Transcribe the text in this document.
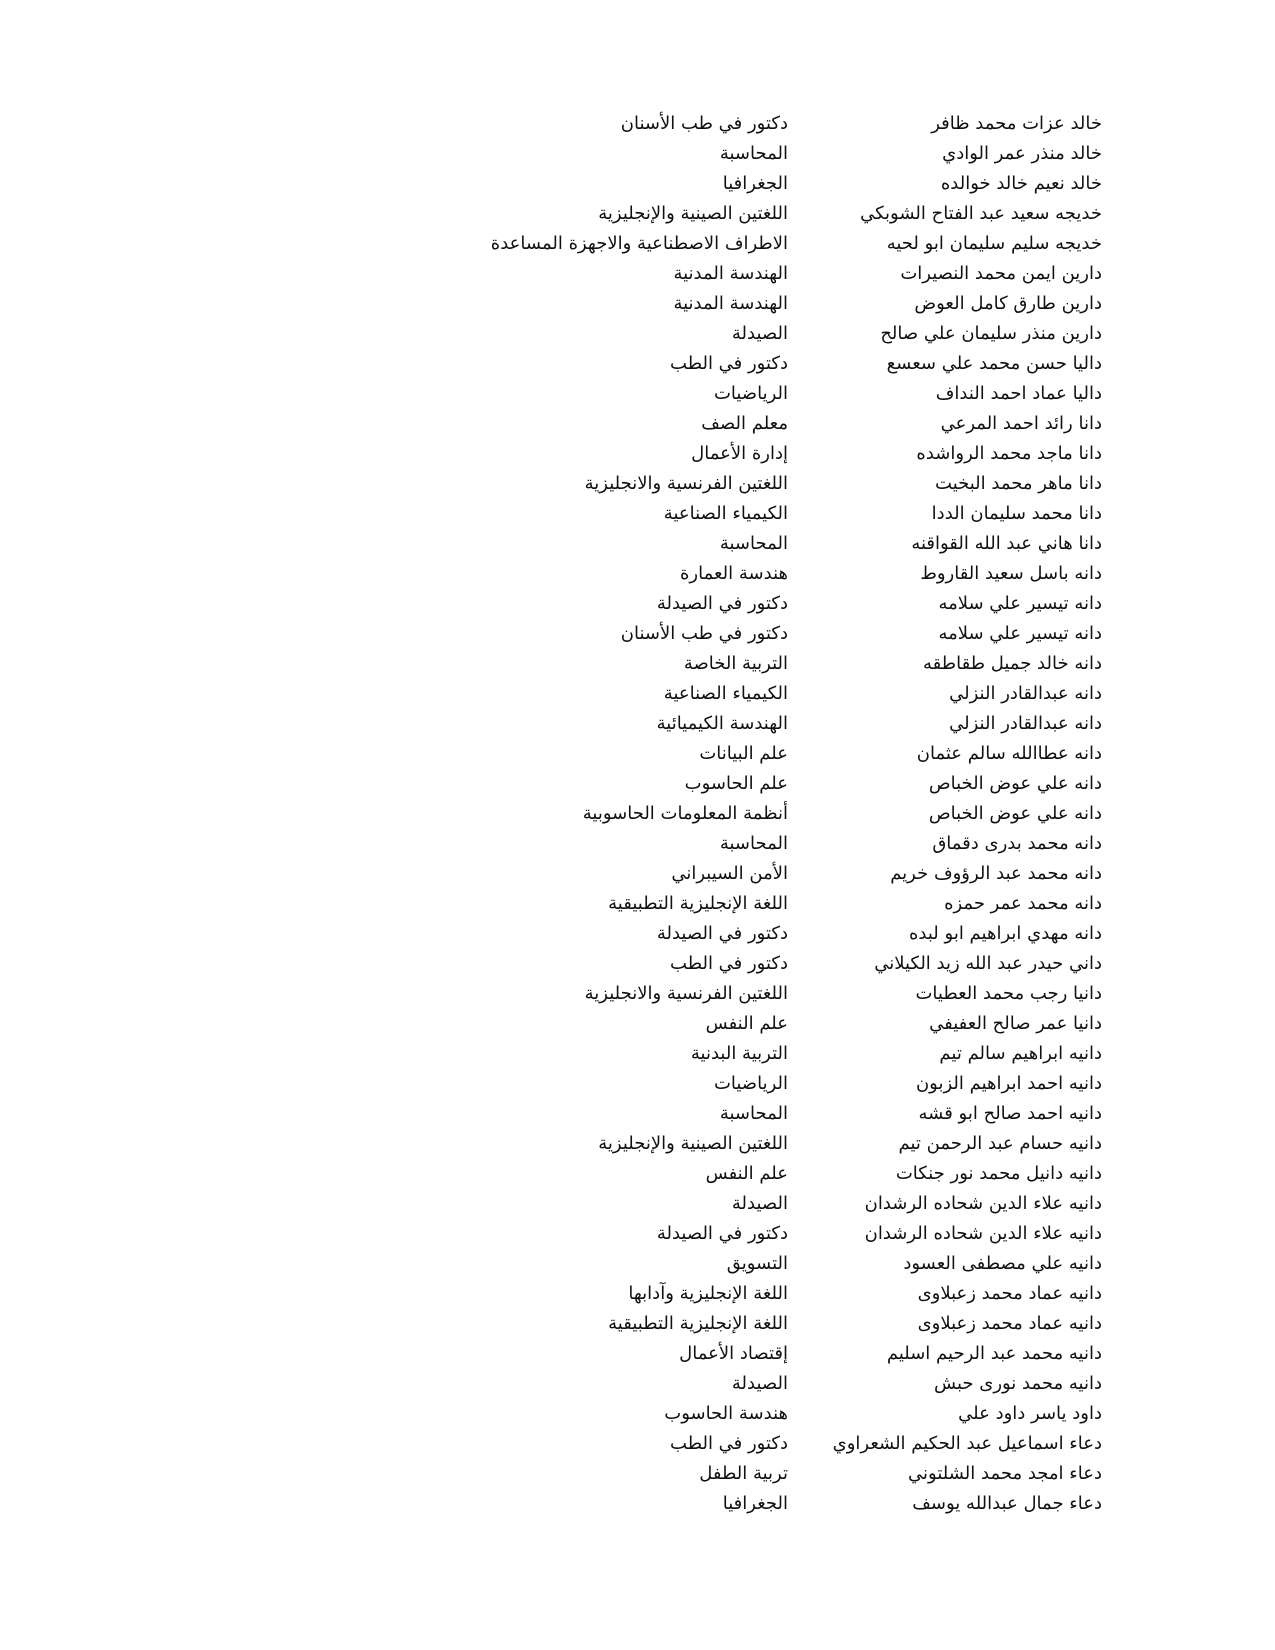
خالد عزات محمد ظافر
دكتور في طب الأسنان
خالد منذر عمر الوادي
المحاسبة
خالد نعيم خالد خوالده
الجغرافيا
خديجه سعيد عبد الفتاح الشوبكي
اللغتين الصينية والإنجليزية
خديجه سليم سليمان ابو لحيه
الاطراف الاصطناعية والاجهزة المساعدة
دارين ايمن محمد النصيرات
الهندسة المدنية
دارين طارق كامل العوض
الهندسة المدنية
دارين منذر سليمان علي صالح
الصيدلة
داليا حسن محمد علي سعسع
دكتور في الطب
داليا عماد احمد النداف
الرياضيات
دانا رائد احمد المرعي
معلم الصف
دانا ماجد محمد الرواشده
إدارة الأعمال
دانا ماهر محمد البخيت
اللغتين الفرنسية والانجليزية
دانا محمد سليمان الددا
الكيمياء الصناعية
دانا هاني عبد الله القواقنه
المحاسبة
دانه باسل سعيد القاروط
هندسة العمارة
دانه تيسير علي سلامه
دكتور في الصيدلة
دانه تيسير علي سلامه
دكتور في طب الأسنان
دانه خالد جميل طقاطقه
التربية الخاصة
دانه عبدالقادر النزلي
الكيمياء الصناعية
دانه عبدالقادر النزلي
الهندسة الكيميائية
دانه عطاالله سالم عثمان
علم البيانات
دانه علي عوض الخباص
علم الحاسوب
دانه علي عوض الخباص
أنظمة المعلومات الحاسوبية
دانه محمد بدرى دقماق
المحاسبة
دانه محمد عبد الرؤوف خريم
الأمن السيبراني
دانه محمد عمر حمزه
اللغة الإنجليزية التطبيقية
دانه مهدي ابراهيم ابو لبده
دكتور في الصيدلة
داني حيدر عبد الله زيد الكيلاني
دكتور في الطب
دانيا رجب محمد العطيات
اللغتين الفرنسية والانجليزية
دانيا عمر صالح العفيفي
علم النفس
دانيه ابراهيم سالم تيم
التربية البدنية
دانيه احمد ابراهيم الزبون
الرياضيات
دانيه احمد صالح ابو قشه
المحاسبة
دانيه حسام عبد الرحمن تيم
اللغتين الصينية والإنجليزية
دانيه دانيل محمد نور جنكات
علم النفس
دانيه علاء الدين شحاده الرشدان
الصيدلة
دانيه علاء الدين شحاده الرشدان
دكتور في الصيدلة
دانيه علي مصطفى العسود
التسويق
دانيه عماد محمد زعبلاوى
اللغة الإنجليزية وآدابها
دانيه عماد محمد زعبلاوى
اللغة الإنجليزية التطبيقية
دانيه محمد عبد الرحيم اسليم
إقتصاد الأعمال
دانيه محمد نورى حبش
الصيدلة
داود ياسر داود علي
هندسة الحاسوب
دعاء اسماعيل عبد الحكيم الشعراوي
دكتور في الطب
دعاء امجد محمد الشلتوني
تربية الطفل
دعاء جمال عبدالله يوسف
الجغرافيا
